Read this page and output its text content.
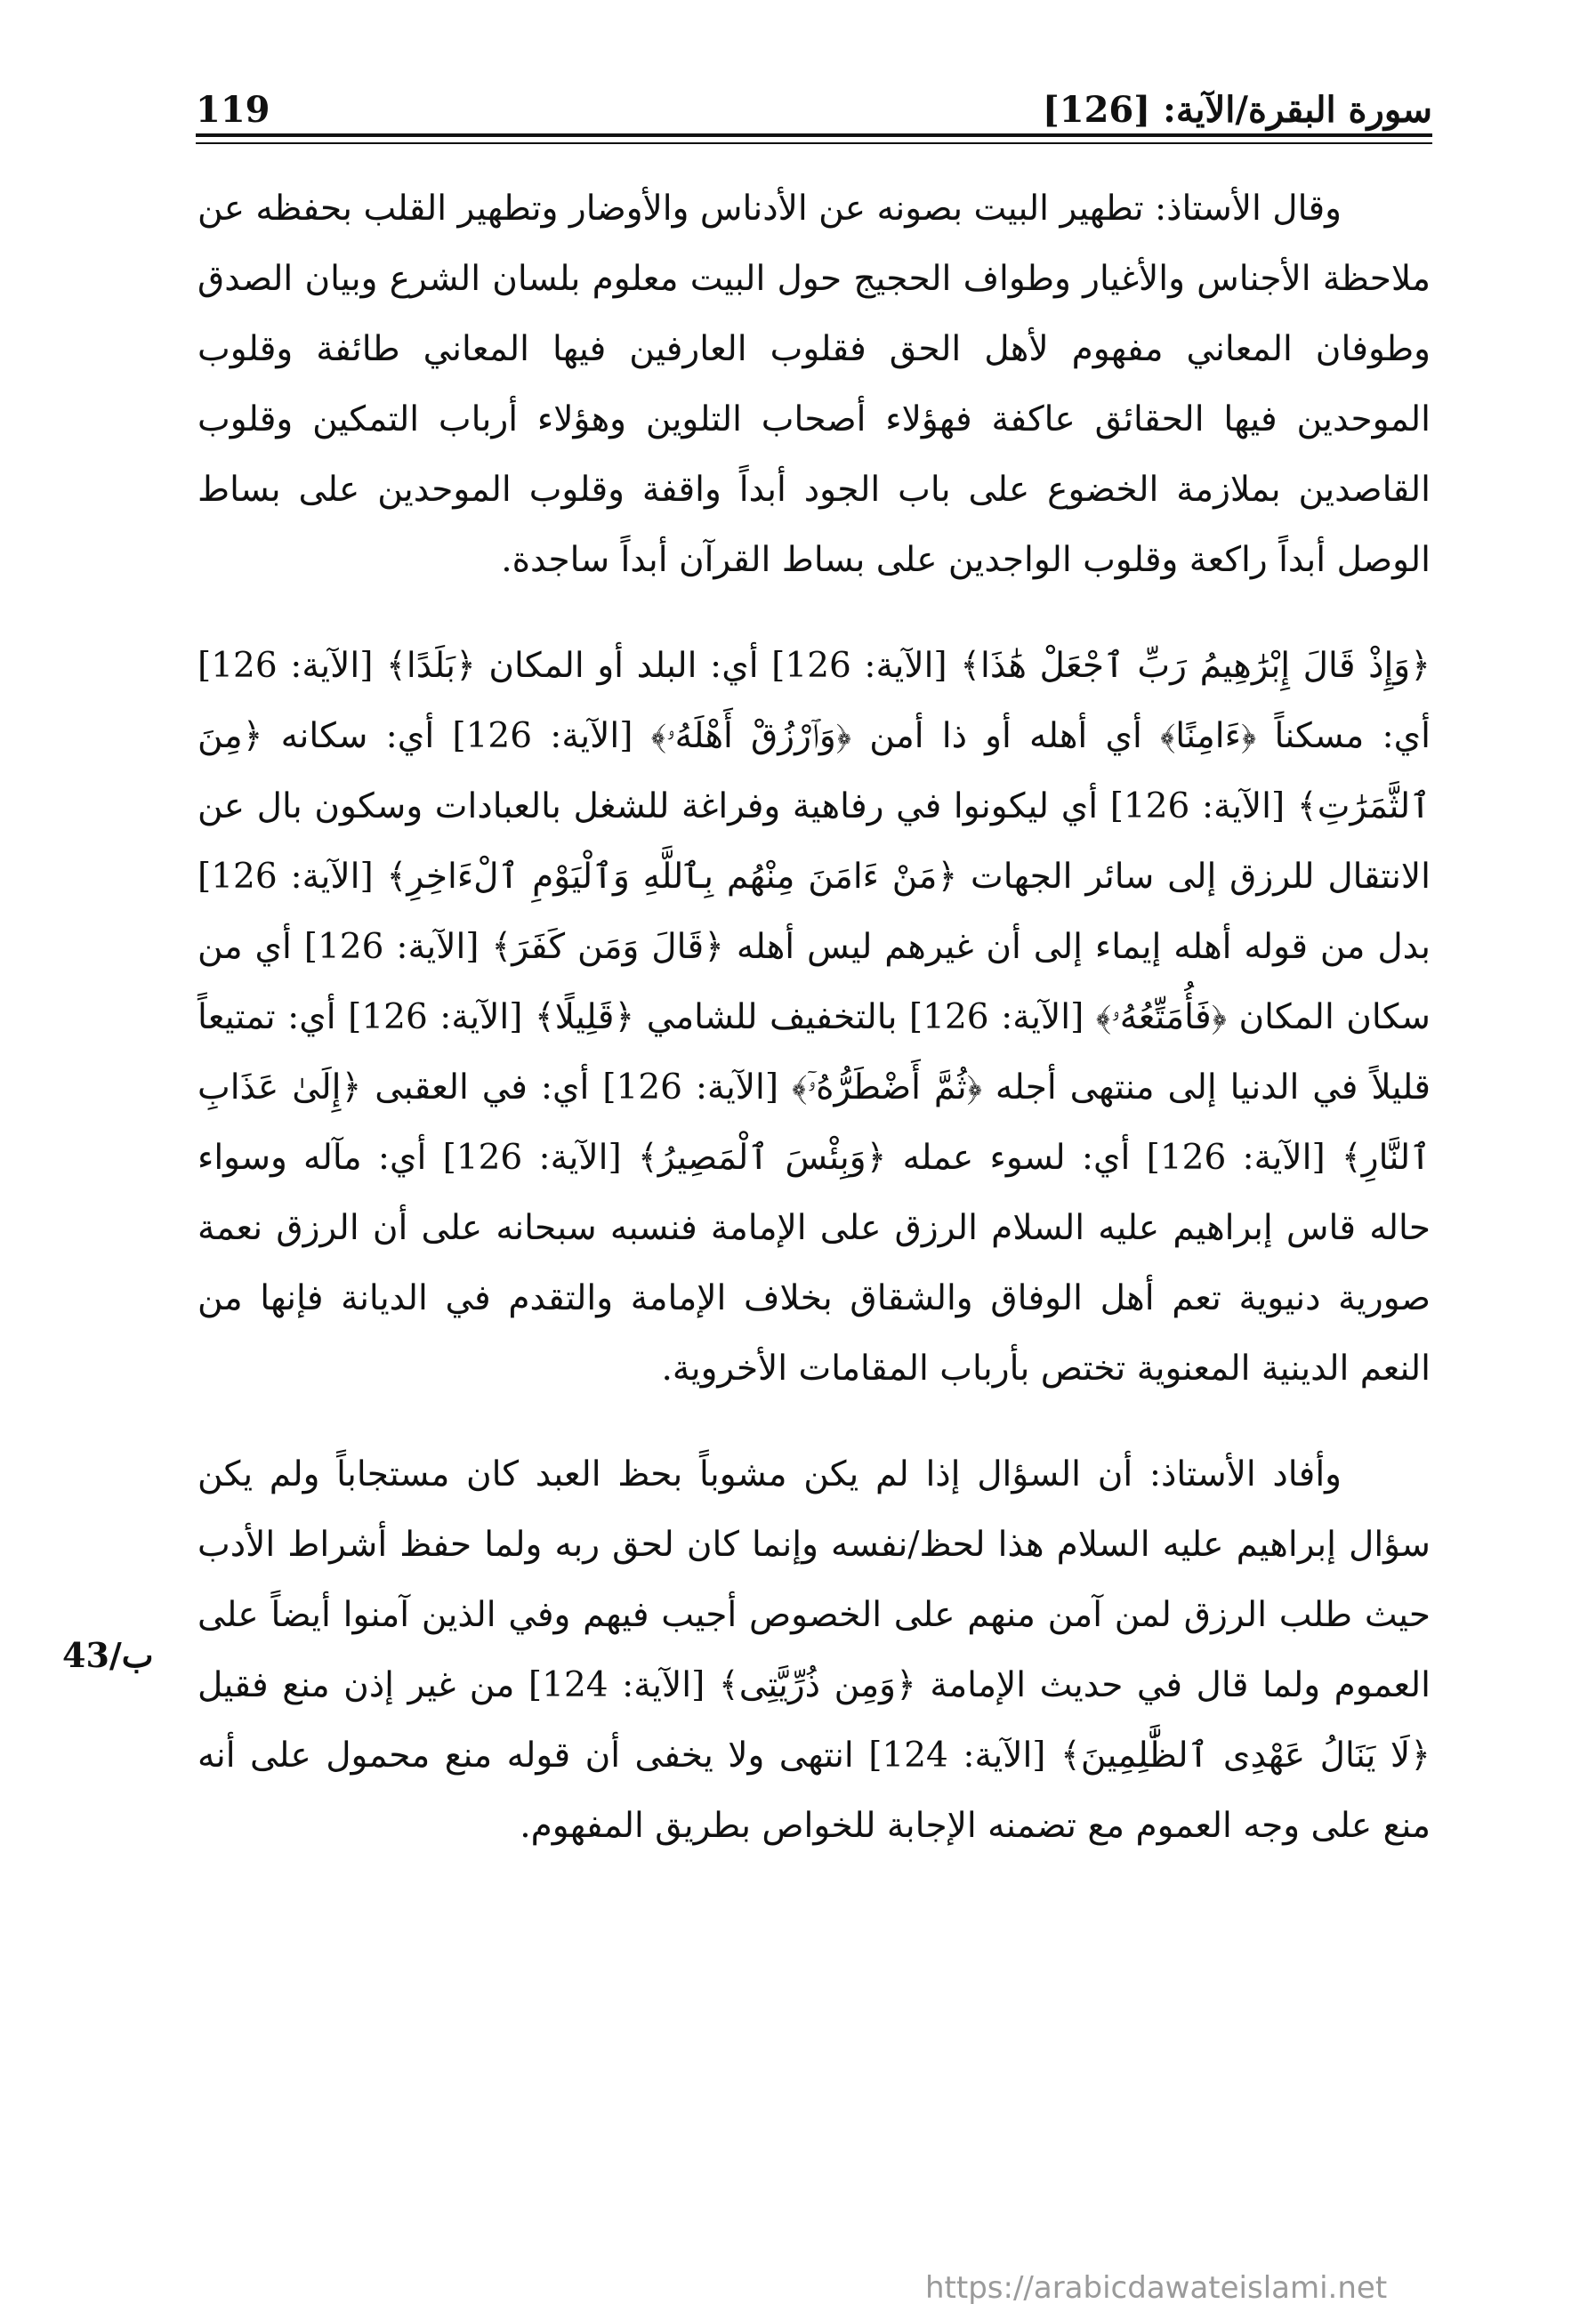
119	سورة البقرة/الآية: [126]

وقال الأستاذ: تطهير البيت بصونه عن الأدناس والأوضار وتطهير القلب بحفظه عن ملاحظة الأجناس والأغيار وطواف الحجيج حول البيت معلوم بلسان الشرع وبيان الصدق وطوفان المعاني مفهوم لأهل الحق فقلوب العارفين فيها المعاني طائفة وقلوب الموحدين فيها الحقائق عاكفة فهؤلاء أصحاب التلوين وهؤلاء أرباب التمكين وقلوب القاصدين بملازمة الخضوع على باب الجود أبداً واقفة وقلوب الموحدين على بساط الوصل أبداً راكعة وقلوب الواجدين على بساط القرآن أبداً ساجدة.

﴿وَإِذْ قَالَ إِبْرَٰهِيمُ رَبِّ ٱجْعَلْ هَٰذَا﴾ [الآية: 126] أي: البلد أو المكان ﴿بَلَدًا﴾ [الآية: 126] أي: مسكناً ﴿ءَامِنًا﴾ أي أهله أو ذا أمن ﴿وَٱرْزُقْ أَهْلَهُۥ﴾ [الآية: 126] أي: سكانه ﴿مِنَ ٱلثَّمَرَٰتِ﴾ [الآية: 126] أي ليكونوا في رفاهية وفراغة للشغل بالعبادات وسكون بال عن الانتقال للرزق إلى سائر الجهات ﴿مَنْ ءَامَنَ مِنْهُم بِٱللَّهِ وَٱلْيَوْمِ ٱلْءَاخِرِ﴾ [الآية: 126] بدل من قوله أهله إيماء إلى أن غيرهم ليس أهله ﴿قَالَ وَمَن كَفَرَ﴾ [الآية: 126] أي من سكان المكان ﴿فَأُمَتِّعُهُۥ﴾ [الآية: 126] بالتخفيف للشامي ﴿قَلِيلًا﴾ [الآية: 126] أي: تمتيعاً قليلاً في الدنيا إلى منتهى أجله ﴿ثُمَّ أَضْطَرُّهُۥٓ﴾ [الآية: 126] أي: في العقبى ﴿إِلَىٰ عَذَابِ ٱلنَّارِ﴾ [الآية: 126] أي: لسوء عمله ﴿وَبِئْسَ ٱلْمَصِيرُ﴾ [الآية: 126] أي: مآله وسواء حاله قاس إبراهيم عليه السلام الرزق على الإمامة فنسبه سبحانه على أن الرزق نعمة صورية دنيوية تعم أهل الوفاق والشقاق بخلاف الإمامة والتقدم في الديانة فإنها من النعم الدينية المعنوية تختص بأرباب المقامات الأخروية.

وأفاد الأستاذ: أن السؤال إذا لم يكن مشوباً بحظ العبد كان مستجاباً ولم يكن سؤال إبراهيم عليه السلام هذا لحظ/نفسه وإنما كان لحق ربه ولما حفظ أشراط الأدب حيث طلب الرزق لمن آمن منهم على الخصوص أجيب فيهم وفي الذين آمنوا أيضاً على العموم ولما قال في حديث الإمامة ﴿وَمِن ذُرِّيَّتِى﴾ [الآية: 124] من غير إذن منع فقيل ﴿لَا يَنَالُ عَهْدِى ٱلظَّٰلِمِينَ﴾ [الآية: 124] انتهى ولا يخفى أن قوله منع محمول على أنه منع على وجه العموم مع تضمنه الإجابة للخواص بطريق المفهوم.

43/ب
https://arabicdawateislami.net
